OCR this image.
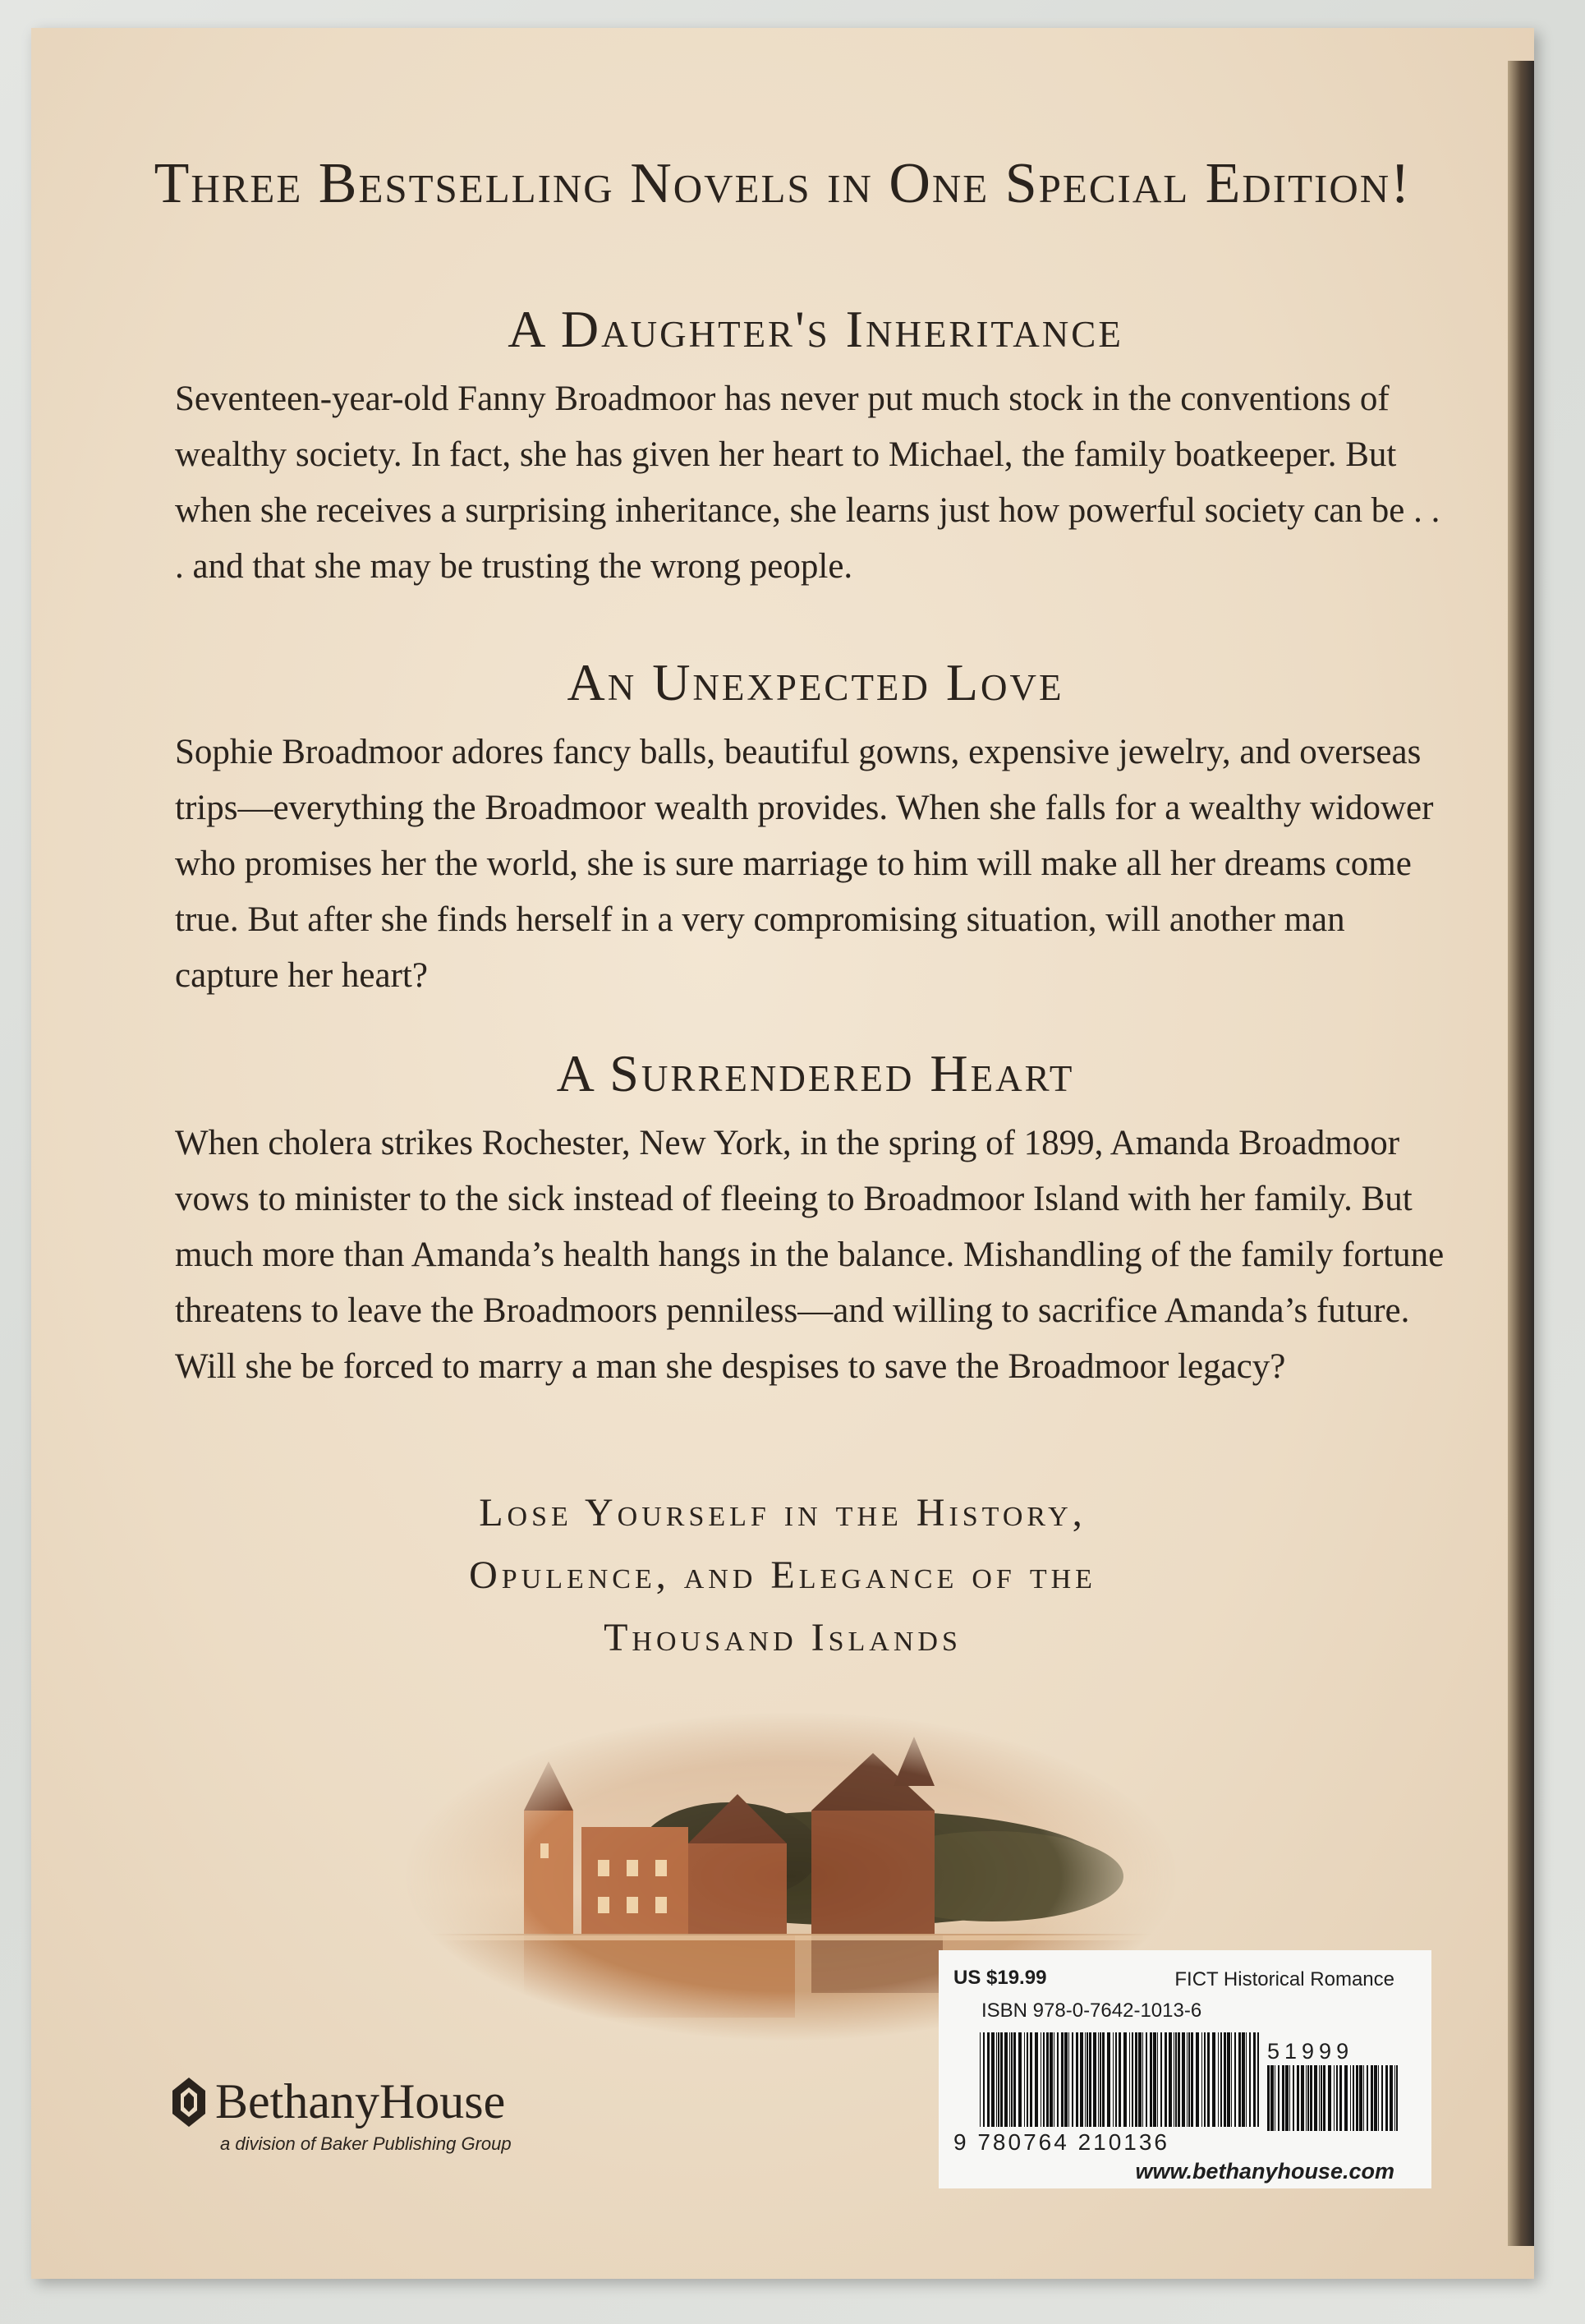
Three Bestselling Novels in One Special Edition!
A Daughter's Inheritance
Seventeen-year-old Fanny Broadmoor has never put much stock in the conventions of wealthy society. In fact, she has given her heart to Michael, the family boatkeeper. But when she receives a surprising inheritance, she learns just how powerful society can be . . . and that she may be trusting the wrong people.
An Unexpected Love
Sophie Broadmoor adores fancy balls, beautiful gowns, expensive jewelry, and overseas trips—everything the Broadmoor wealth provides. When she falls for a wealthy widower who promises her the world, she is sure marriage to him will make all her dreams come true. But after she finds herself in a very compromising situation, will another man capture her heart?
A Surrendered Heart
When cholera strikes Rochester, New York, in the spring of 1899, Amanda Broadmoor vows to minister to the sick instead of fleeing to Broadmoor Island with her family. But much more than Amanda’s health hangs in the balance. Mishandling of the family fortune threatens to leave the Broadmoors penniless—and willing to sacrifice Amanda’s future. Will she be forced to marry a man she despises to save the Broadmoor legacy?
Lose Yourself in the History,
Opulence, and Elegance of the
Thousand Islands
BethanyHouse
a division of Baker Publishing Group
US $19.99	FICT Historical Romance
ISBN 978-0-7642-1013-6
51999
9 780764 210136
www.bethanyhouse.com
